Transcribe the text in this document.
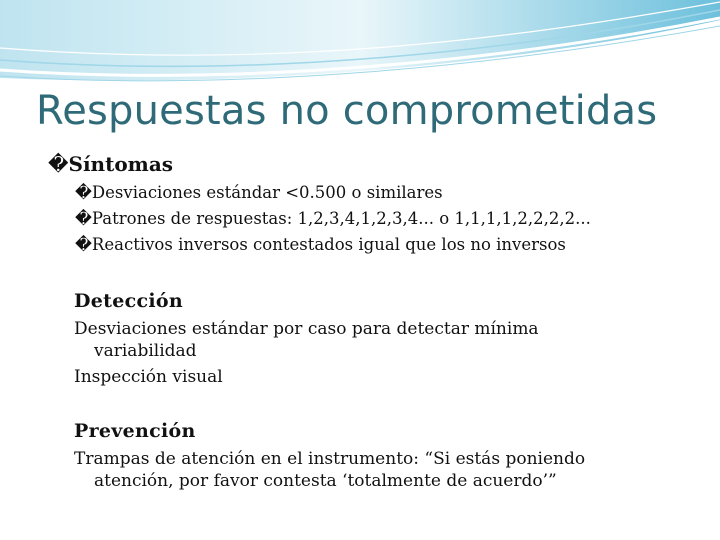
Respuestas no comprometidas
�Síntomas
�Desviaciones estándar <0.500 o similares
�Patrones de respuestas: 1,2,3,4,1,2,3,4... o 1,1,1,1,2,2,2,2...
�Reactivos inversos contestados igual que los no inversos
Detección
Desviaciones estándar por caso para detectar mínima
variabilidad
Inspección visual
Prevención
Trampas de atención en el instrumento: “Si estás poniendo
atención, por favor contesta ‘totalmente de acuerdo’”
